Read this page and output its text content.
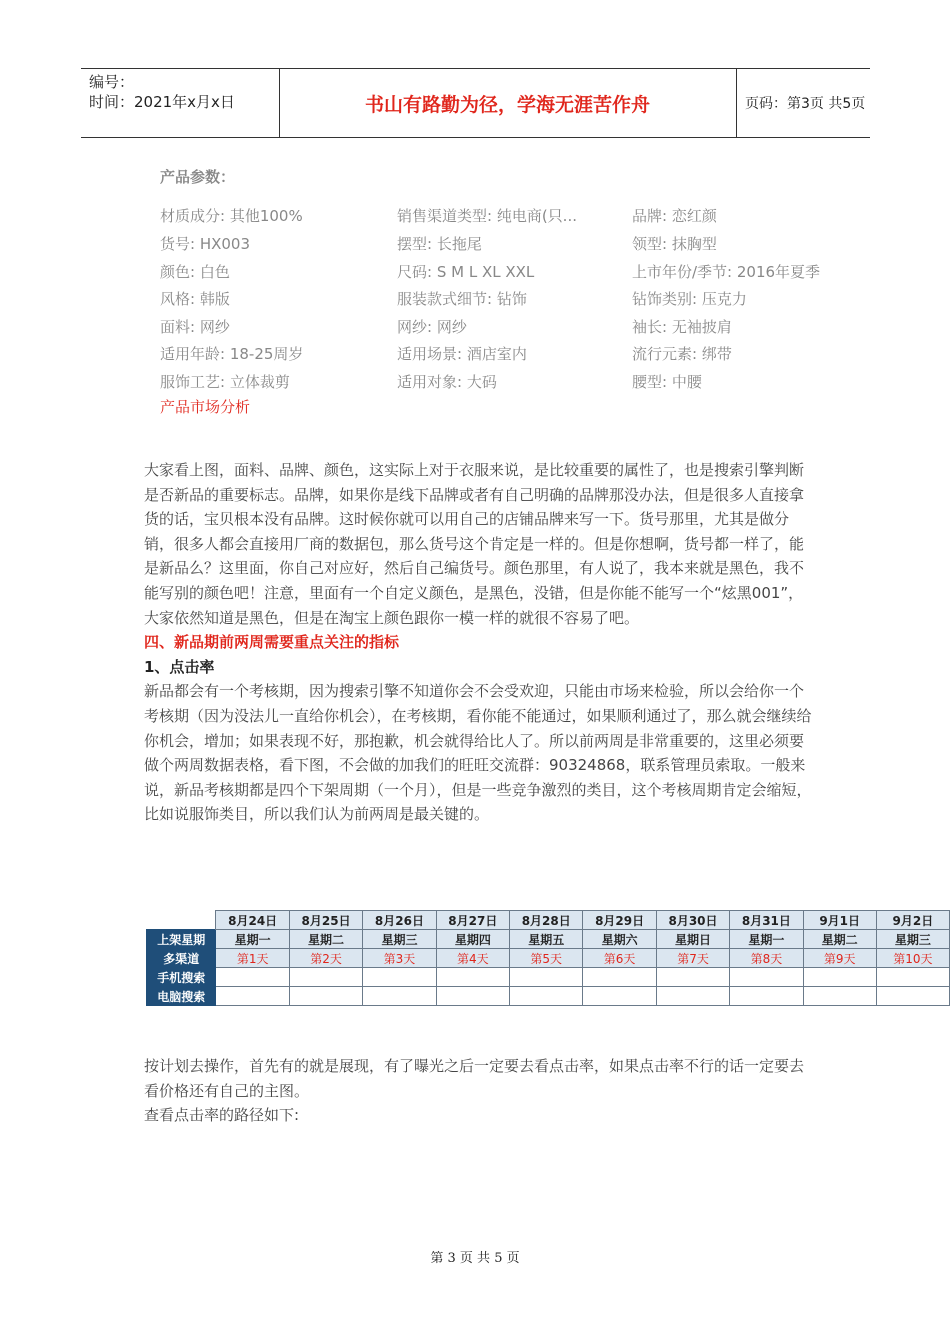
编号：
时间：2021年x月x日	书山有路勤为径，学海无涯苦作舟	页码：第3页 共5页
产品参数：
材质成分: 其他100%	销售渠道类型: 纯电商(只...	品牌: 恋红颜
货号: HX003	摆型: 长拖尾	领型: 抹胸型
颜色: 白色	尺码: S M L XL XXL	上市年份/季节: 2016年夏季
风格: 韩版	服装款式细节: 钻饰	钻饰类别: 压克力
面料: 网纱	网纱: 网纱	袖长: 无袖披肩
适用年龄: 18-25周岁	适用场景: 酒店室内	流行元素: 绑带
服饰工艺: 立体裁剪	适用对象: 大码	腰型: 中腰
产品市场分析

大家看上图，面料、品牌、颜色，这实际上对于衣服来说，是比较重要的属性了，也是搜索引擎判断是否新品的重要标志。品牌，如果你是线下品牌或者有自己明确的品牌那没办法，但是很多人直接拿货的话，宝贝根本没有品牌。这时候你就可以用自己的店铺品牌来写一下。货号那里，尤其是做分销，很多人都会直接用厂商的数据包，那么货号这个肯定是一样的。但是你想啊，货号都一样了，能是新品么？这里面，你自己对应好，然后自己编货号。颜色那里，有人说了，我本来就是黑色，我不能写别的颜色吧！注意，里面有一个自定义颜色，是黑色，没错，但是你能不能写一个“炫黑001”，大家依然知道是黑色，但是在淘宝上颜色跟你一模一样的就很不容易了吧。

四、新品期前两周需要重点关注的指标

1、点击率

新品都会有一个考核期，因为搜索引擎不知道你会不会受欢迎，只能由市场来检验，所以会给你一个考核期（因为没法儿一直给你机会），在考核期，看你能不能通过，如果顺利通过了，那么就会继续给你机会，增加；如果表现不好，那抱歉，机会就得给比人了。所以前两周是非常重要的，这里必须要做个两周数据表格，看下图，不会做的加我们的旺旺交流群：90324868，联系管理员索取。一般来说，新品考核期都是四个下架周期（一个月），但是一些竞争激烈的类目，这个考核周期肯定会缩短，比如说服饰类目，所以我们认为前两周是最关键的。

	8月24日	8月25日	8月26日	8月27日	8月28日	8月29日	8月30日	8月31日	9月1日	9月2日
上架星期	星期一	星期二	星期三	星期四	星期五	星期六	星期日	星期一	星期二	星期三
多渠道	第1天	第2天	第3天	第4天	第5天	第6天	第7天	第8天	第9天	第10天
手机搜索										
电脑搜索										

按计划去操作，首先有的就是展现，有了曝光之后一定要去看点击率，如果点击率不行的话一定要去看价格还有自己的主图。

查看点击率的路径如下:

第 3 页 共 5 页
